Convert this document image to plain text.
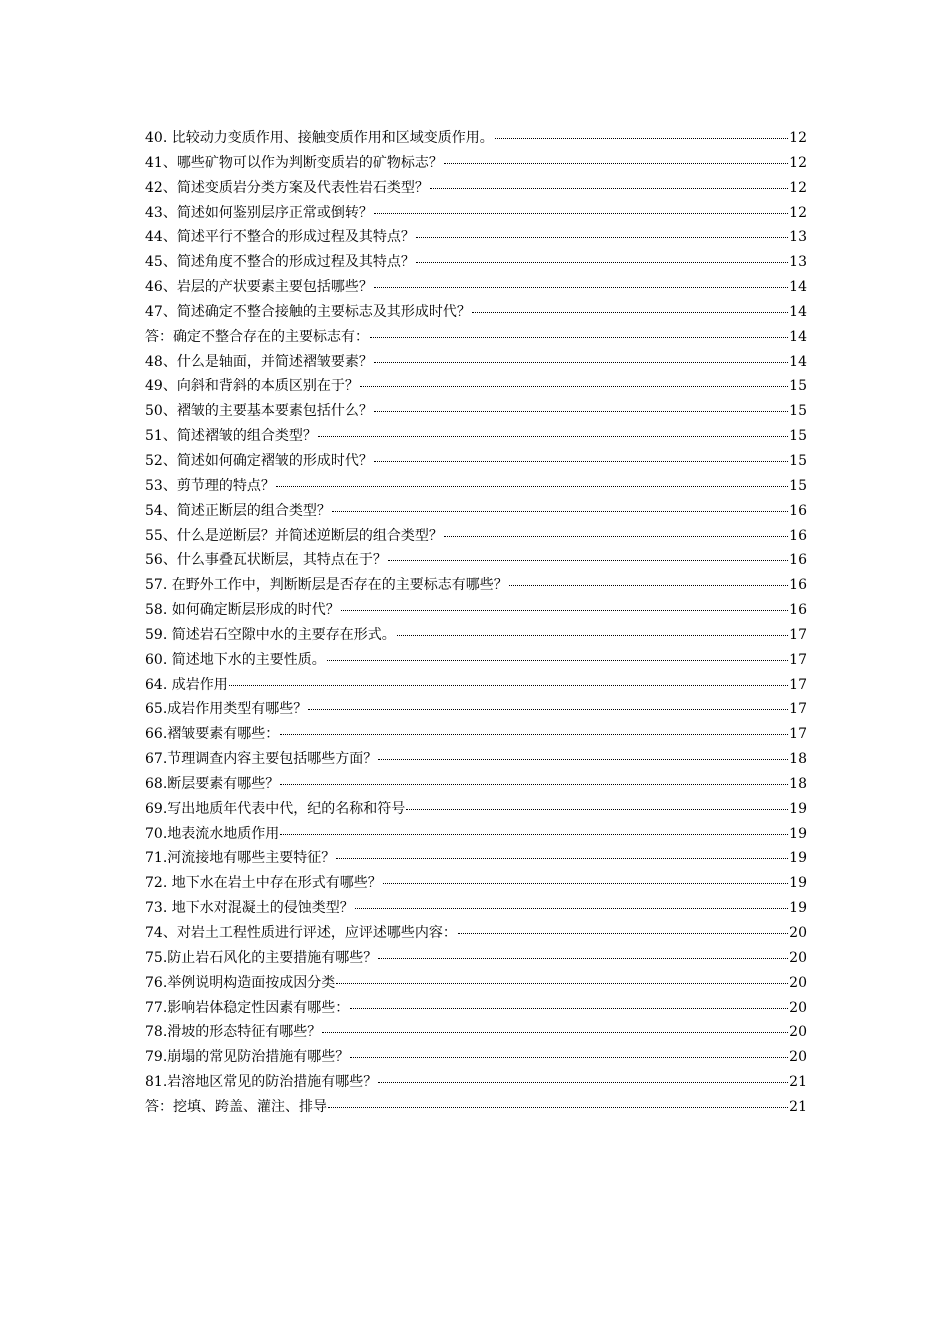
40. 比较动力变质作用、接触变质作用和区域变质作用。	12
41、哪些矿物可以作为判断变质岩的矿物标志？	12
42、简述变质岩分类方案及代表性岩石类型？	12
43、简述如何鉴别层序正常或倒转？	12
44、简述平行不整合的形成过程及其特点？	13
45、简述角度不整合的形成过程及其特点？	13
46、岩层的产状要素主要包括哪些？	14
47、简述确定不整合接触的主要标志及其形成时代？	14
答：确定不整合存在的主要标志有：	14
48、什么是轴面，并简述褶皱要素？	14
49、向斜和背斜的本质区别在于？	15
50、褶皱的主要基本要素包括什么？	15
51、简述褶皱的组合类型？	15
52、简述如何确定褶皱的形成时代？	15
53、剪节理的特点？	15
54、简述正断层的组合类型？	16
55、什么是逆断层？并简述逆断层的组合类型？	16
56、什么事叠瓦状断层，其特点在于？	16
57. 在野外工作中，判断断层是否存在的主要标志有哪些？	16
58. 如何确定断层形成的时代？	16
59. 简述岩石空隙中水的主要存在形式。	17
60. 简述地下水的主要性质。	17
64. 成岩作用	17
65.成岩作用类型有哪些？	17
66.褶皱要素有哪些：	17
67.节理调查内容主要包括哪些方面？	18
68.断层要素有哪些？	18
69.写出地质年代表中代，纪的名称和符号	19
70.地表流水地质作用	19
71.河流接地有哪些主要特征？	19
72. 地下水在岩土中存在形式有哪些？	19
73. 地下水对混凝土的侵蚀类型？	19
74、对岩土工程性质进行评述，应评述哪些内容：	20
75.防止岩石风化的主要措施有哪些？	20
76.举例说明构造面按成因分类	20
77.影响岩体稳定性因素有哪些：	20
78.滑坡的形态特征有哪些？	20
79.崩塌的常见防治措施有哪些？	20
81.岩溶地区常见的防治措施有哪些？	21
答：挖填、跨盖、灌注、排导	21
